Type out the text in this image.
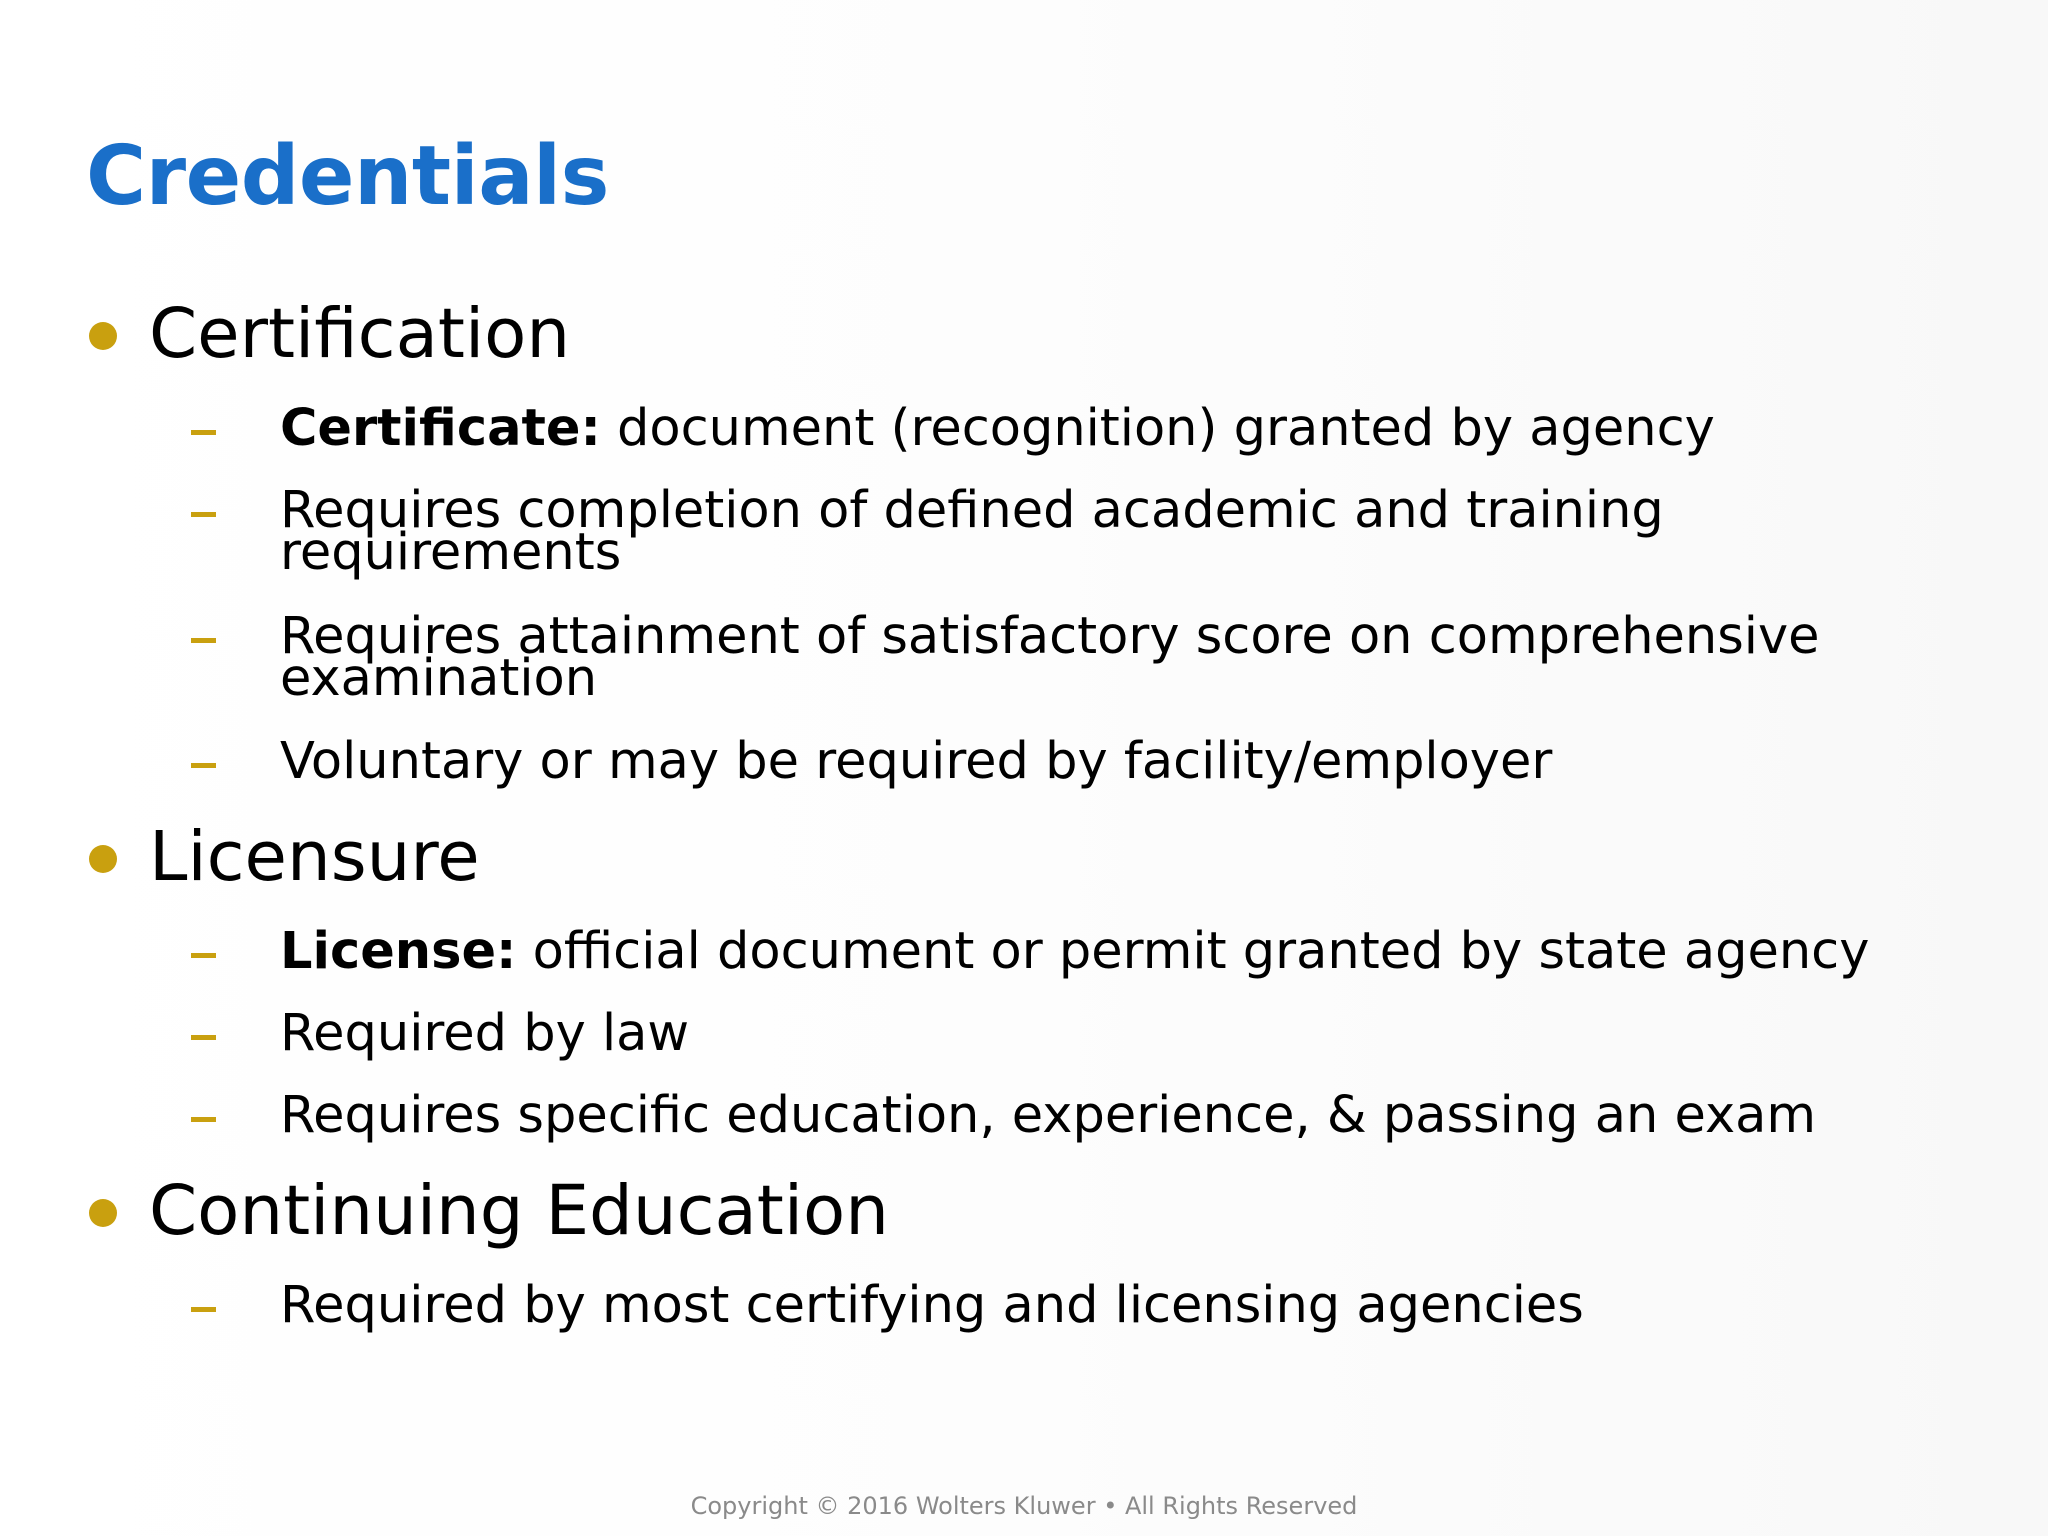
Credentials
Certification
Certificate: document (recognition) granted by agency
Requires completion of defined academic and training requirements
Requires attainment of satisfactory score on comprehensive examination
Voluntary or may be required by facility/employer
Licensure
License: official document or permit granted by state agency
Required by law
Requires specific education, experience, & passing an exam
Continuing Education
Required by most certifying and licensing agencies
Copyright © 2016 Wolters Kluwer • All Rights Reserved
